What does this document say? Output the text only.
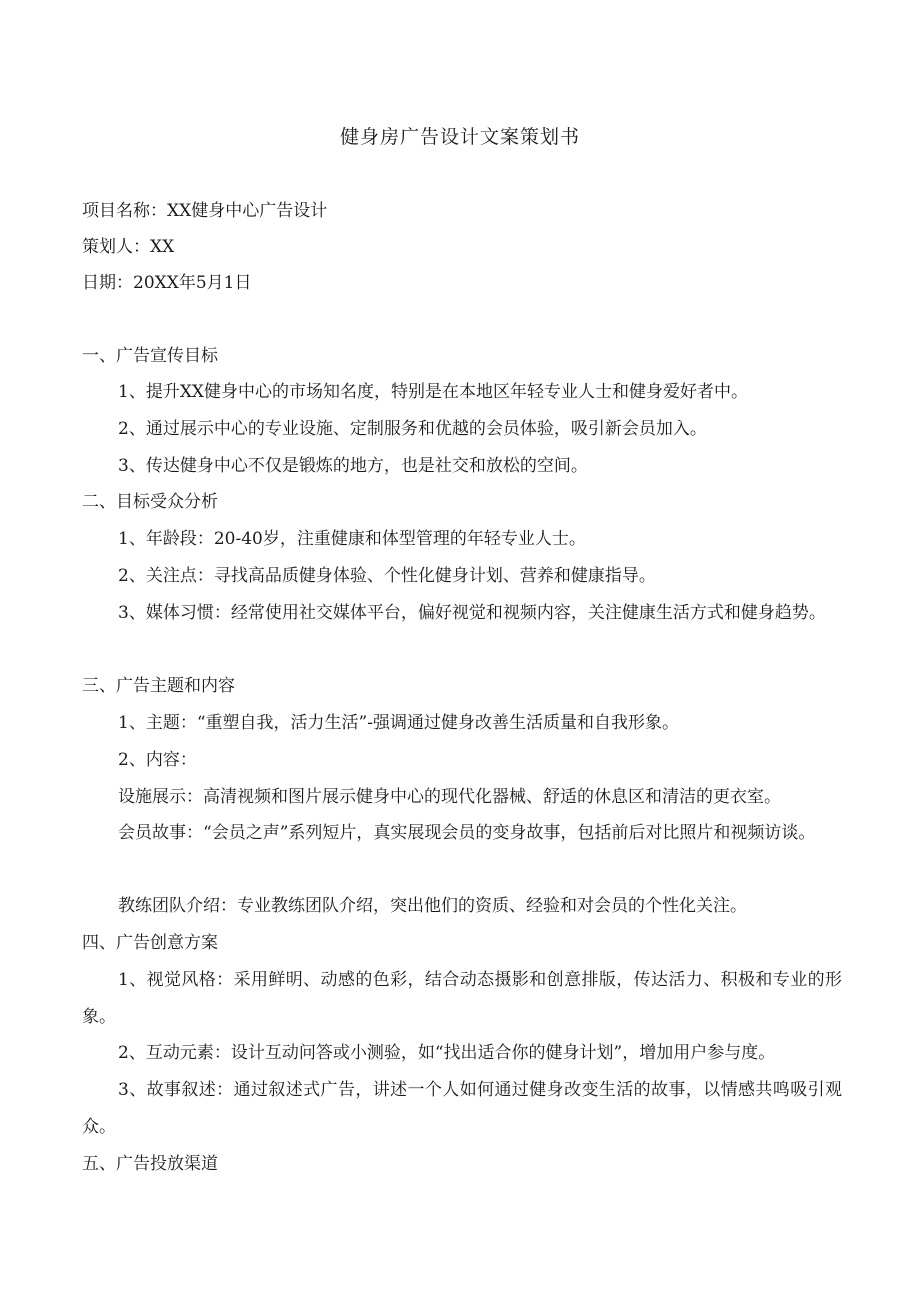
健身房广告设计文案策划书
项目名称：XX健身中心广告设计
策划人：XX
日期：20XX年5月1日
一、广告宣传目标
1、提升XX健身中心的市场知名度，特别是在本地区年轻专业人士和健身爱好者中。
2、通过展示中心的专业设施、定制服务和优越的会员体验，吸引新会员加入。
3、传达健身中心不仅是锻炼的地方，也是社交和放松的空间。
二、目标受众分析
1、年龄段：20-40岁，注重健康和体型管理的年轻专业人士。
2、关注点：寻找高品质健身体验、个性化健身计划、营养和健康指导。
3、媒体习惯：经常使用社交媒体平台，偏好视觉和视频内容，关注健康生活方式和健身趋势。
三、广告主题和内容
1、主题：“重塑自我，活力生活”-强调通过健身改善生活质量和自我形象。
2、内容：
设施展示：高清视频和图片展示健身中心的现代化器械、舒适的休息区和清洁的更衣室。
会员故事：“会员之声”系列短片，真实展现会员的变身故事，包括前后对比照片和视频访谈。
教练团队介绍：专业教练团队介绍，突出他们的资质、经验和对会员的个性化关注。
四、广告创意方案
1、视觉风格：采用鲜明、动感的色彩，结合动态摄影和创意排版，传达活力、积极和专业的形象。
2、互动元素：设计互动问答或小测验，如“找出适合你的健身计划”，增加用户参与度。
3、故事叙述：通过叙述式广告，讲述一个人如何通过健身改变生活的故事，以情感共鸣吸引观众。
五、广告投放渠道
